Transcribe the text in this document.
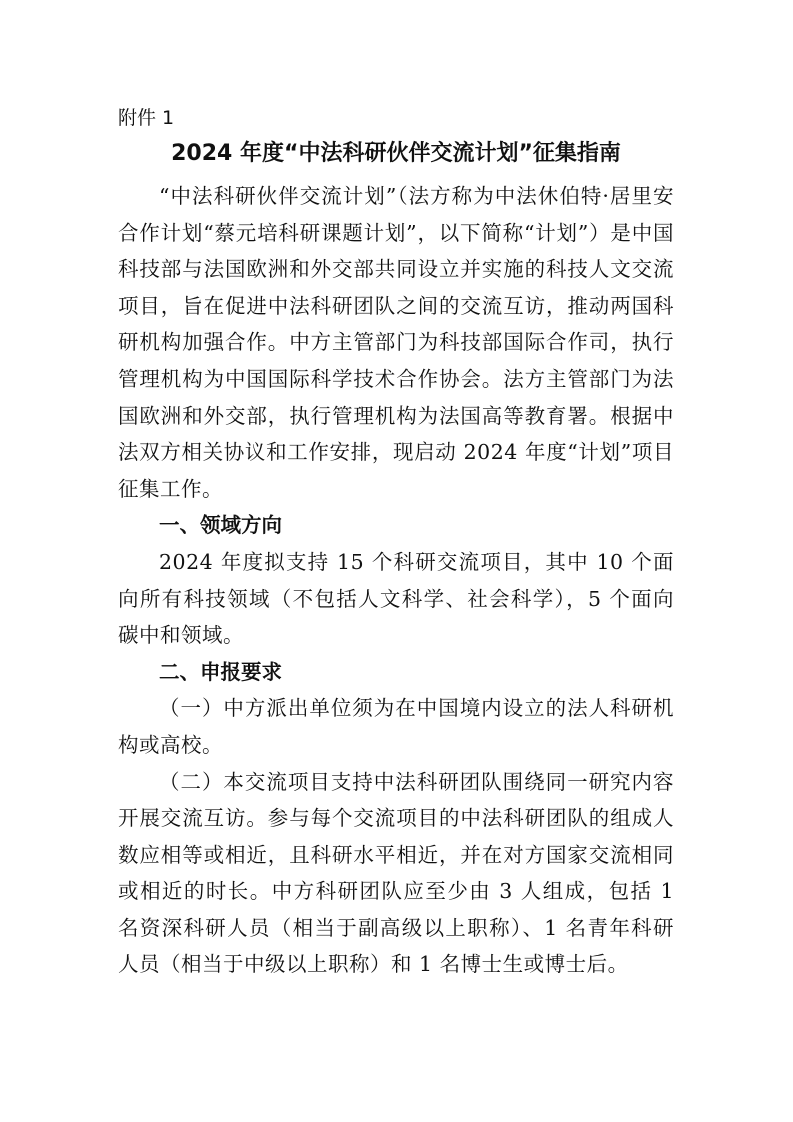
附件 1

2024 年度“中法科研伙伴交流计划”征集指南

“中法科研伙伴交流计划”（法方称为中法休伯特·居里安合作计划“蔡元培科研课题计划”，以下简称“计划”）是中国科技部与法国欧洲和外交部共同设立并实施的科技人文交流项目，旨在促进中法科研团队之间的交流互访，推动两国科研机构加强合作。中方主管部门为科技部国际合作司，执行管理机构为中国国际科学技术合作协会。法方主管部门为法国欧洲和外交部，执行管理机构为法国高等教育署。根据中法双方相关协议和工作安排，现启动 2024 年度“计划”项目征集工作。

一、领域方向

2024 年度拟支持 15 个科研交流项目，其中 10 个面向所有科技领域（不包括人文科学、社会科学），5 个面向碳中和领域。

二、申报要求

（一）中方派出单位须为在中国境内设立的法人科研机构或高校。

（二）本交流项目支持中法科研团队围绕同一研究内容开展交流互访。参与每个交流项目的中法科研团队的组成人数应相等或相近，且科研水平相近，并在对方国家交流相同或相近的时长。中方科研团队应至少由 3 人组成，包括 1 名资深科研人员（相当于副高级以上职称）、1 名青年科研人员（相当于中级以上职称）和 1 名博士生或博士后。
